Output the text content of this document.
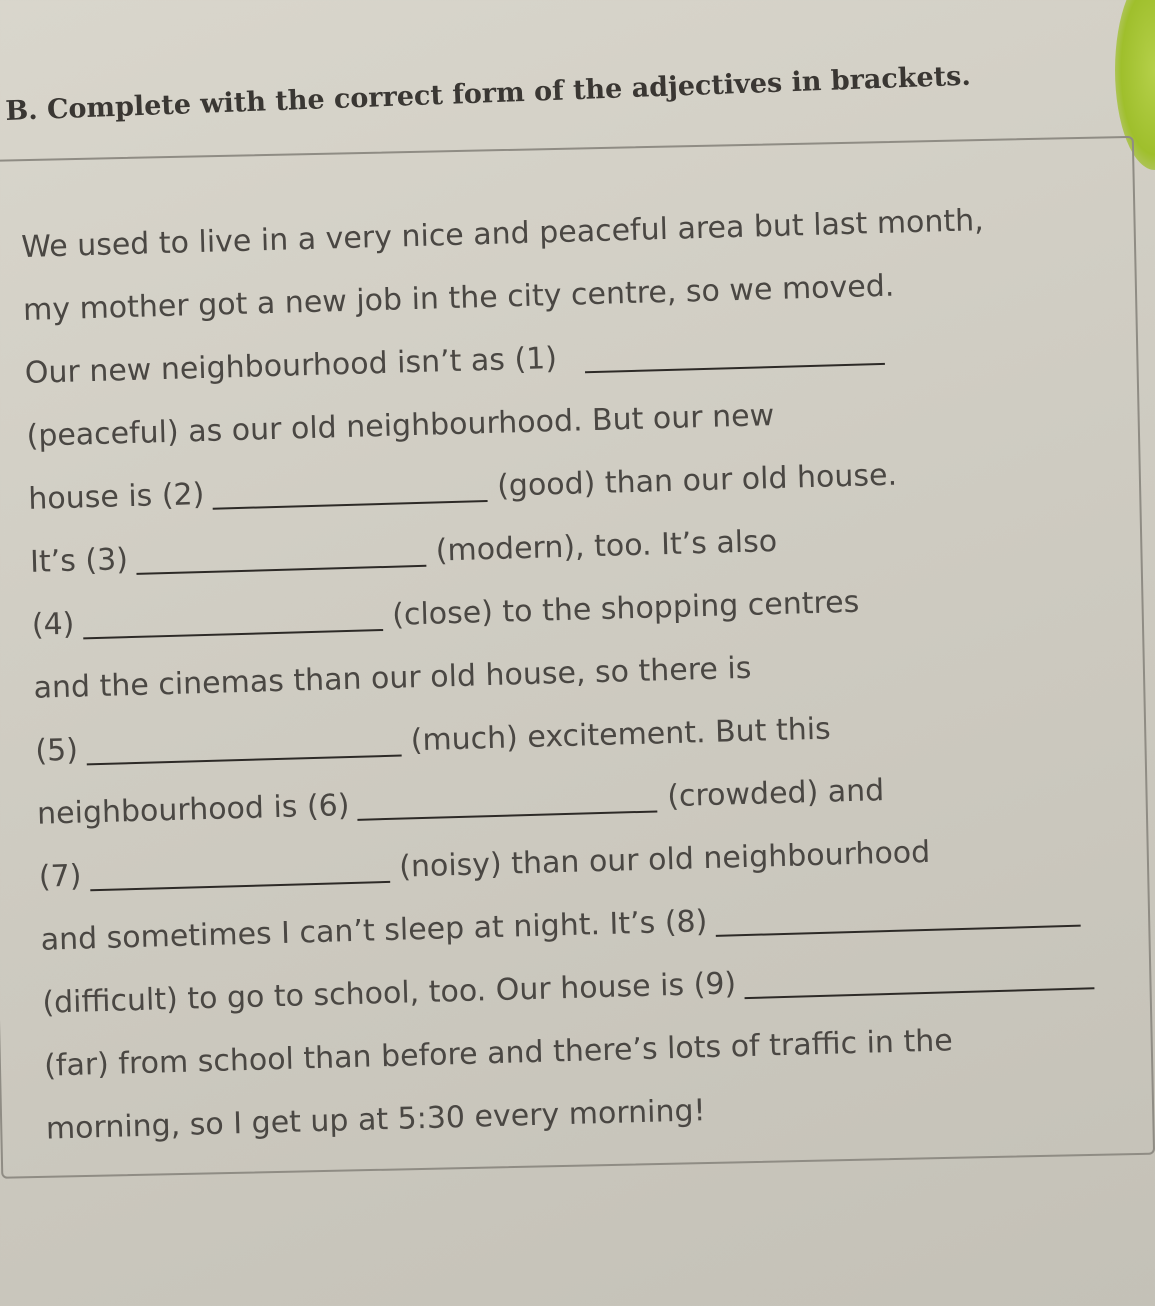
B. Complete with the correct form of the adjectives in brackets.
We used to live in a very nice and peaceful area but last month,
my mother got a new job in the city centre, so we moved.
Our new neighbourhood isn’t as (1)
(peaceful) as our old neighbourhood. But our new
house is (2)	(good) than our old house.
It’s (3)	(modern), too. It’s also
(4)	(close) to the shopping centres
and the cinemas than our old house, so there is
(5)	(much) excitement. But this
neighbourhood is (6)	(crowded) and
(7)	(noisy) than our old neighbourhood
and sometimes I can’t sleep at night. It’s (8)
(difficult) to go to school, too. Our house is (9)
(far) from school than before and there’s lots of traffic in the
morning, so I get up at 5:30 every morning!
